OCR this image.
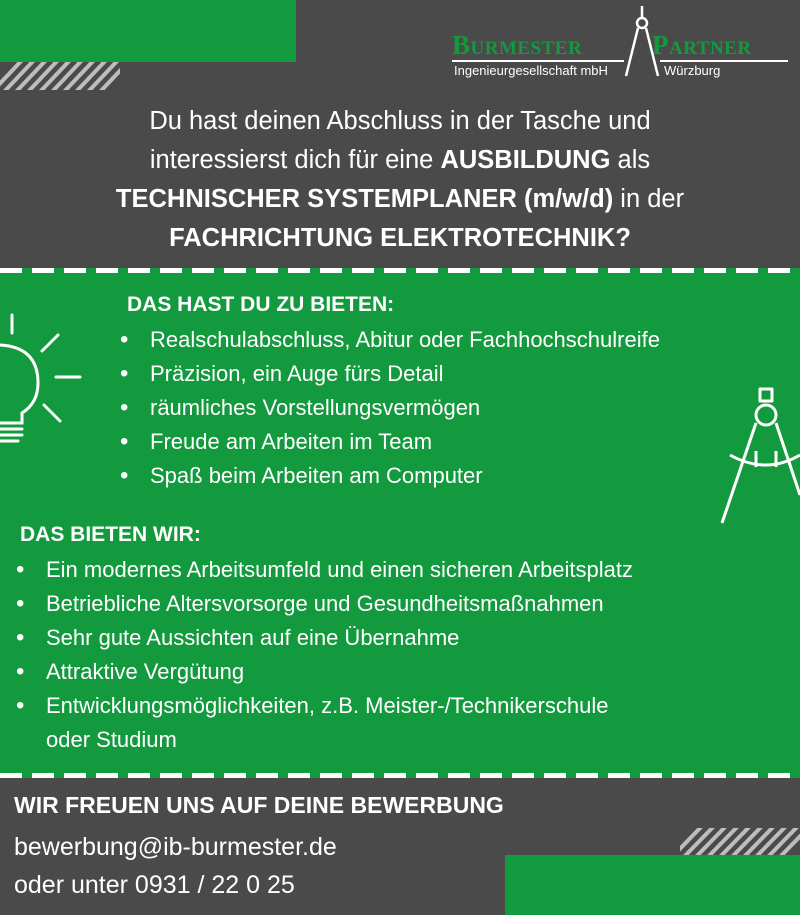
Burmester	Partner
Ingenieurgesellschaft mbH	Würzburg
Du hast deinen Abschluss in der Tasche und
interessierst dich für eine AUSBILDUNG als
TECHNISCHER SYSTEMPLANER (m/w/d) in der
FACHRICHTUNG ELEKTROTECHNIK?
DAS HAST DU ZU BIETEN:
• Realschulabschluss, Abitur oder Fachhochschulreife
• Präzision, ein Auge fürs Detail
• räumliches Vorstellungsvermögen
• Freude am Arbeiten im Team
• Spaß beim Arbeiten am Computer
DAS BIETEN WIR:
• Ein modernes Arbeitsumfeld und einen sicheren Arbeitsplatz
• Betriebliche Altersvorsorge und Gesundheitsmaßnahmen
• Sehr gute Aussichten auf eine Übernahme
• Attraktive Vergütung
• Entwicklungsmöglichkeiten, z.B. Meister-/Technikerschule
oder Studium
WIR FREUEN UNS AUF DEINE BEWERBUNG
bewerbung@ib-burmester.de
oder unter 0931 / 22 0 25
